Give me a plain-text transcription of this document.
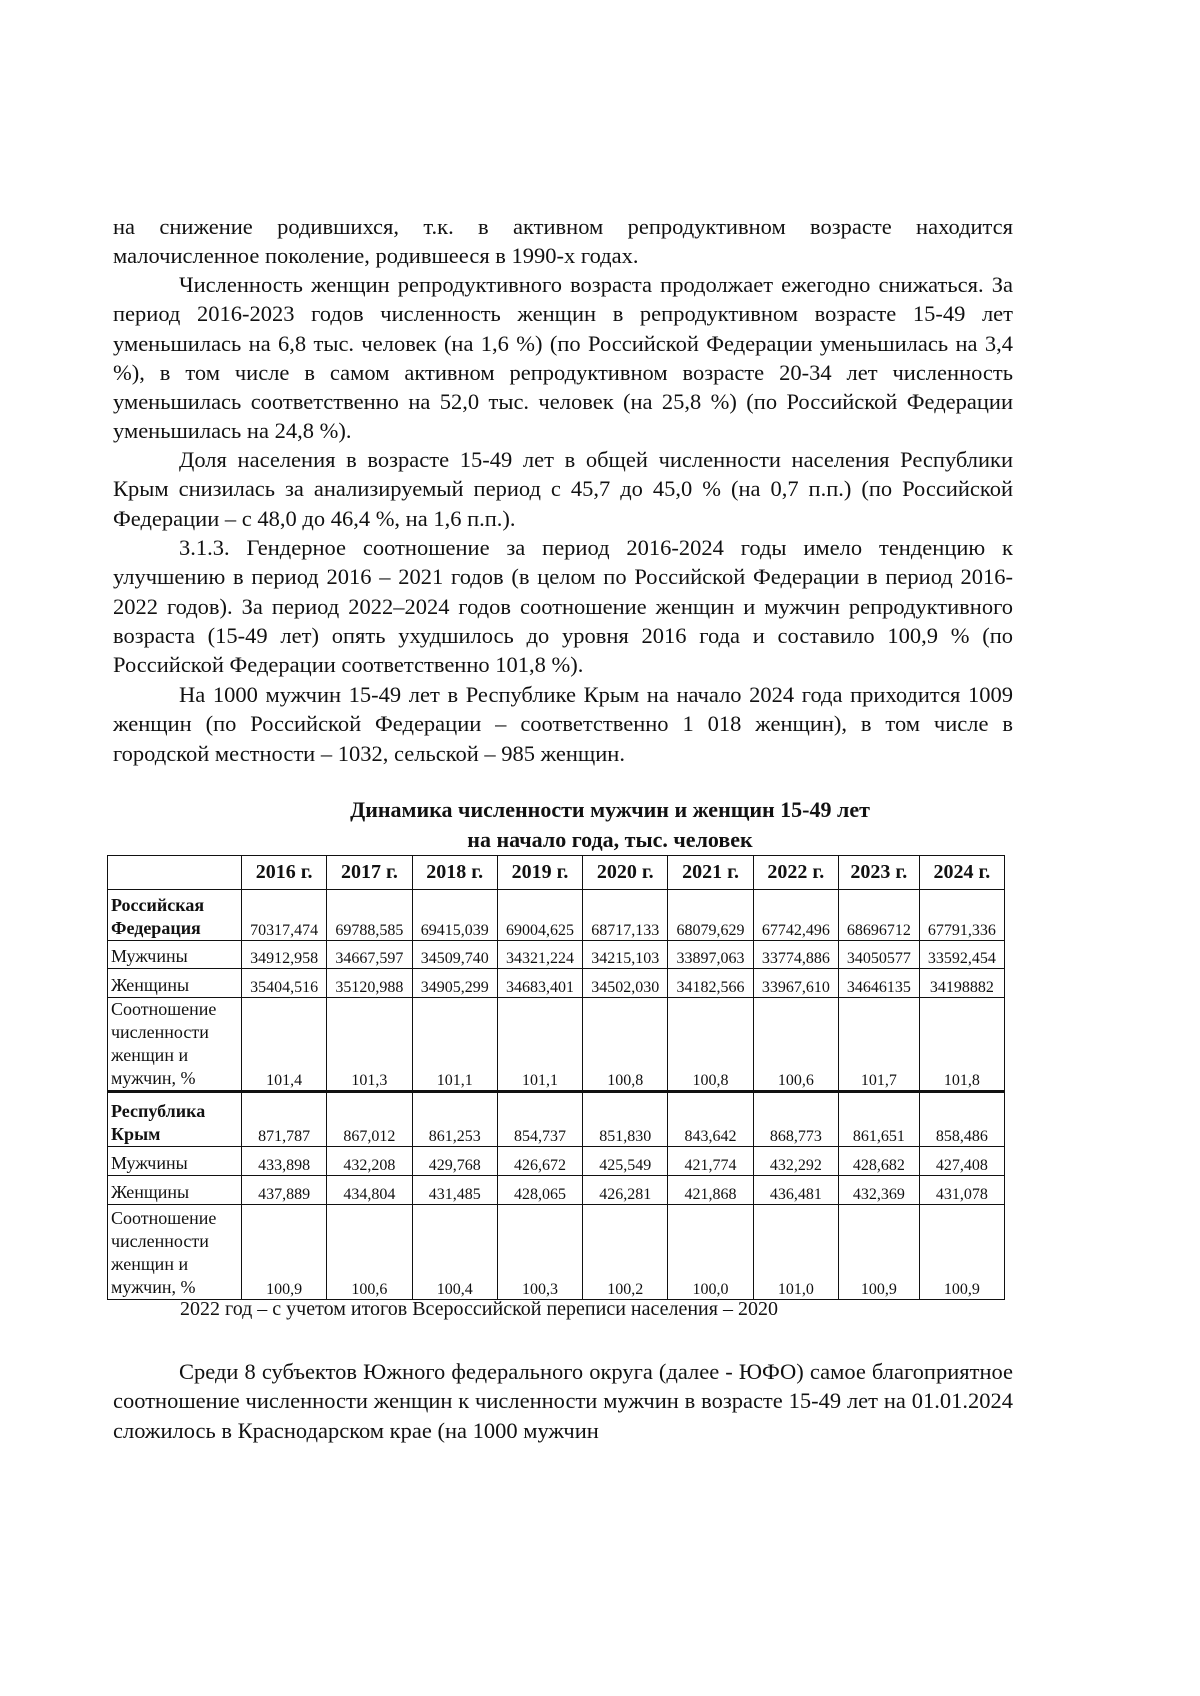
на снижение родившихся, т.к. в активном репродуктивном возрасте находится малочисленное поколение, родившееся в 1990-х годах.

Численность женщин репродуктивного возраста продолжает ежегодно снижаться. За период 2016-2023 годов численность женщин в репродуктивном возрасте 15-49 лет уменьшилась на 6,8 тыс. человек (на 1,6 %) (по Российской Федерации уменьшилась на 3,4 %), в том числе в самом активном репродуктивном возрасте 20-34 лет численность уменьшилась соответственно на 52,0 тыс. человек (на 25,8 %) (по Российской Федерации уменьшилась на 24,8 %).

Доля населения в возрасте 15-49 лет в общей численности населения Республики Крым снизилась за анализируемый период с 45,7 до 45,0 % (на 0,7 п.п.) (по Российской Федерации – с 48,0 до 46,4 %, на 1,6 п.п.).

3.1.3. Гендерное соотношение за период 2016-2024 годы имело тенденцию к улучшению в период 2016 – 2021 годов (в целом по Российской Федерации в период 2016-2022 годов). За период 2022–2024 годов соотношение женщин и мужчин репродуктивного возраста (15-49 лет) опять ухудшилось до уровня 2016 года и составило 100,9 % (по Российской Федерации соответственно 101,8 %).

На 1000 мужчин 15-49 лет в Республике Крым на начало 2024 года приходится 1009 женщин (по Российской Федерации – соответственно 1 018 женщин), в том числе в городской местности – 1032, сельской – 985 женщин.

Динамика численности мужчин и женщин 15-49 лет
на начало года, тыс. человек
	2016 г.	2017 г.	2018 г.	2019 г.	2020 г.	2021 г.	2022 г.	2023 г.	2024 г.
Российская Федерация	70317,474	69788,585	69415,039	69004,625	68717,133	68079,629	67742,496	68696712	67791,336
Мужчины	34912,958	34667,597	34509,740	34321,224	34215,103	33897,063	33774,886	34050577	33592,454
Женщины	35404,516	35120,988	34905,299	34683,401	34502,030	34182,566	33967,610	34646135	34198882
Соотношение численности женщин и мужчин, %	101,4	101,3	101,1	101,1	100,8	100,8	100,6	101,7	101,8
Республика Крым	871,787	867,012	861,253	854,737	851,830	843,642	868,773	861,651	858,486
Мужчины	433,898	432,208	429,768	426,672	425,549	421,774	432,292	428,682	427,408
Женщины	437,889	434,804	431,485	428,065	426,281	421,868	436,481	432,369	431,078
Соотношение численности женщин и мужчин, %	100,9	100,6	100,4	100,3	100,2	100,0	101,0	100,9	100,9
2022 год – с учетом итогов Всероссийской переписи населения – 2020

Среди 8 субъектов Южного федерального округа (далее - ЮФО) самое благоприятное соотношение численности женщин к численности мужчин в возрасте 15-49 лет на 01.01.2024 сложилось в Краснодарском крае (на 1000 мужчин
